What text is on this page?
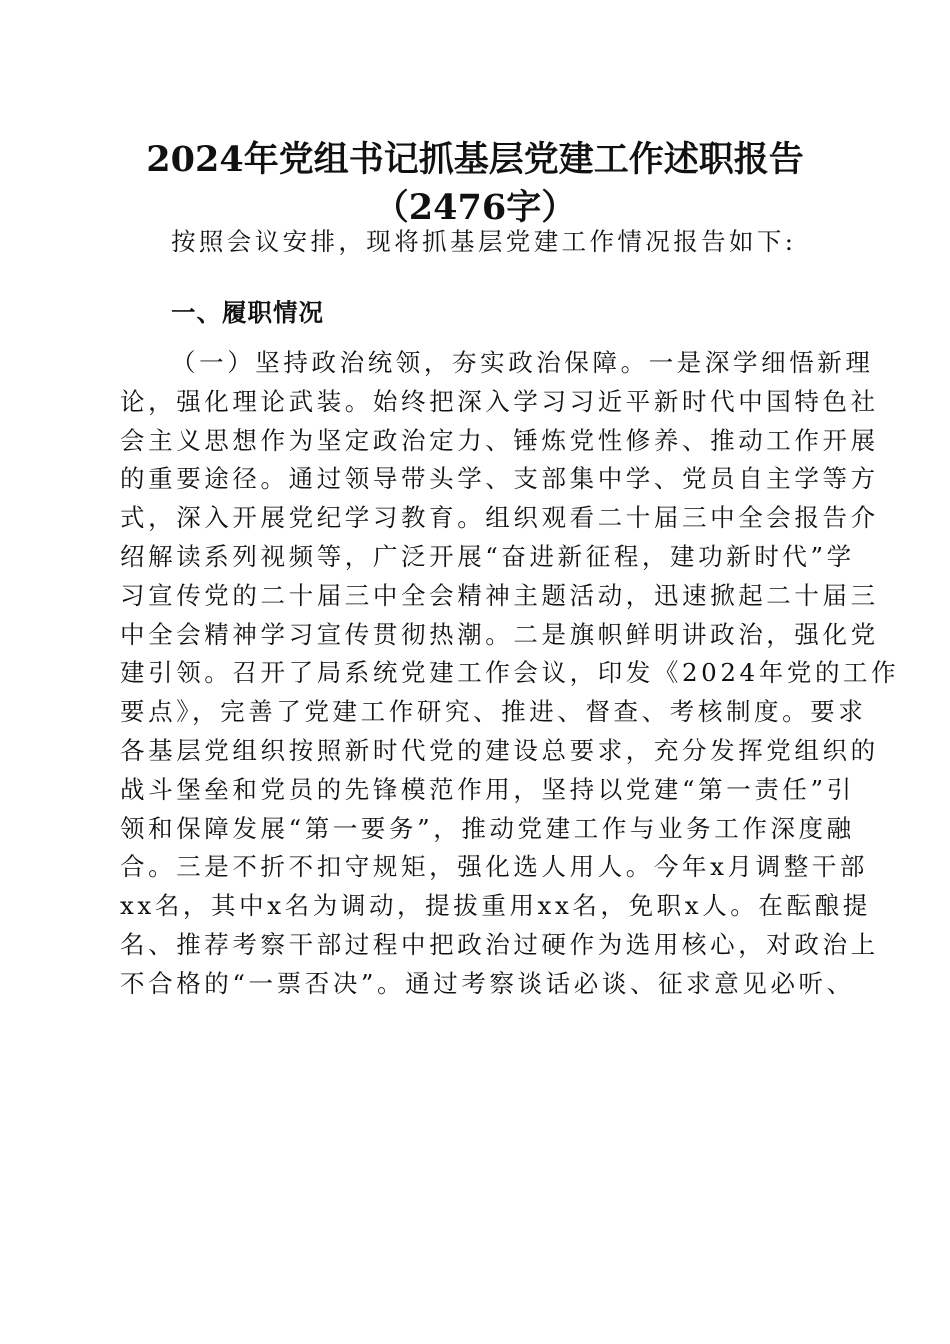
2024年党组书记抓基层党建工作述职报告
（2476字）
按照会议安排，现将抓基层党建工作情况报告如下:
一、履职情况
（一）坚持政治统领，夯实政治保障。一是深学细悟新理
论，强化理论武装。始终把深入学习习近平新时代中国特色社
会主义思想作为坚定政治定力、锤炼党性修养、推动工作开展
的重要途径。通过领导带头学、支部集中学、党员自主学等方
式，深入开展党纪学习教育。组织观看二十届三中全会报告介
绍解读系列视频等，广泛开展“奋进新征程，建功新时代”学
习宣传党的二十届三中全会精神主题活动，迅速掀起二十届三
中全会精神学习宣传贯彻热潮。二是旗帜鲜明讲政治，强化党
建引领。召开了局系统党建工作会议，印发《2024年党的工作
要点》，完善了党建工作研究、推进、督查、考核制度。要求
各基层党组织按照新时代党的建设总要求，充分发挥党组织的
战斗堡垒和党员的先锋模范作用，坚持以党建“第一责任”引
领和保障发展“第一要务”，推动党建工作与业务工作深度融
合。三是不折不扣守规矩，强化选人用人。今年x月调整干部
xx名，其中x名为调动，提拔重用xx名，免职x人。在酝酿提
名、推荐考察干部过程中把政治过硬作为选用核心，对政治上
不合格的“一票否决”。通过考察谈话必谈、征求意见必听、
